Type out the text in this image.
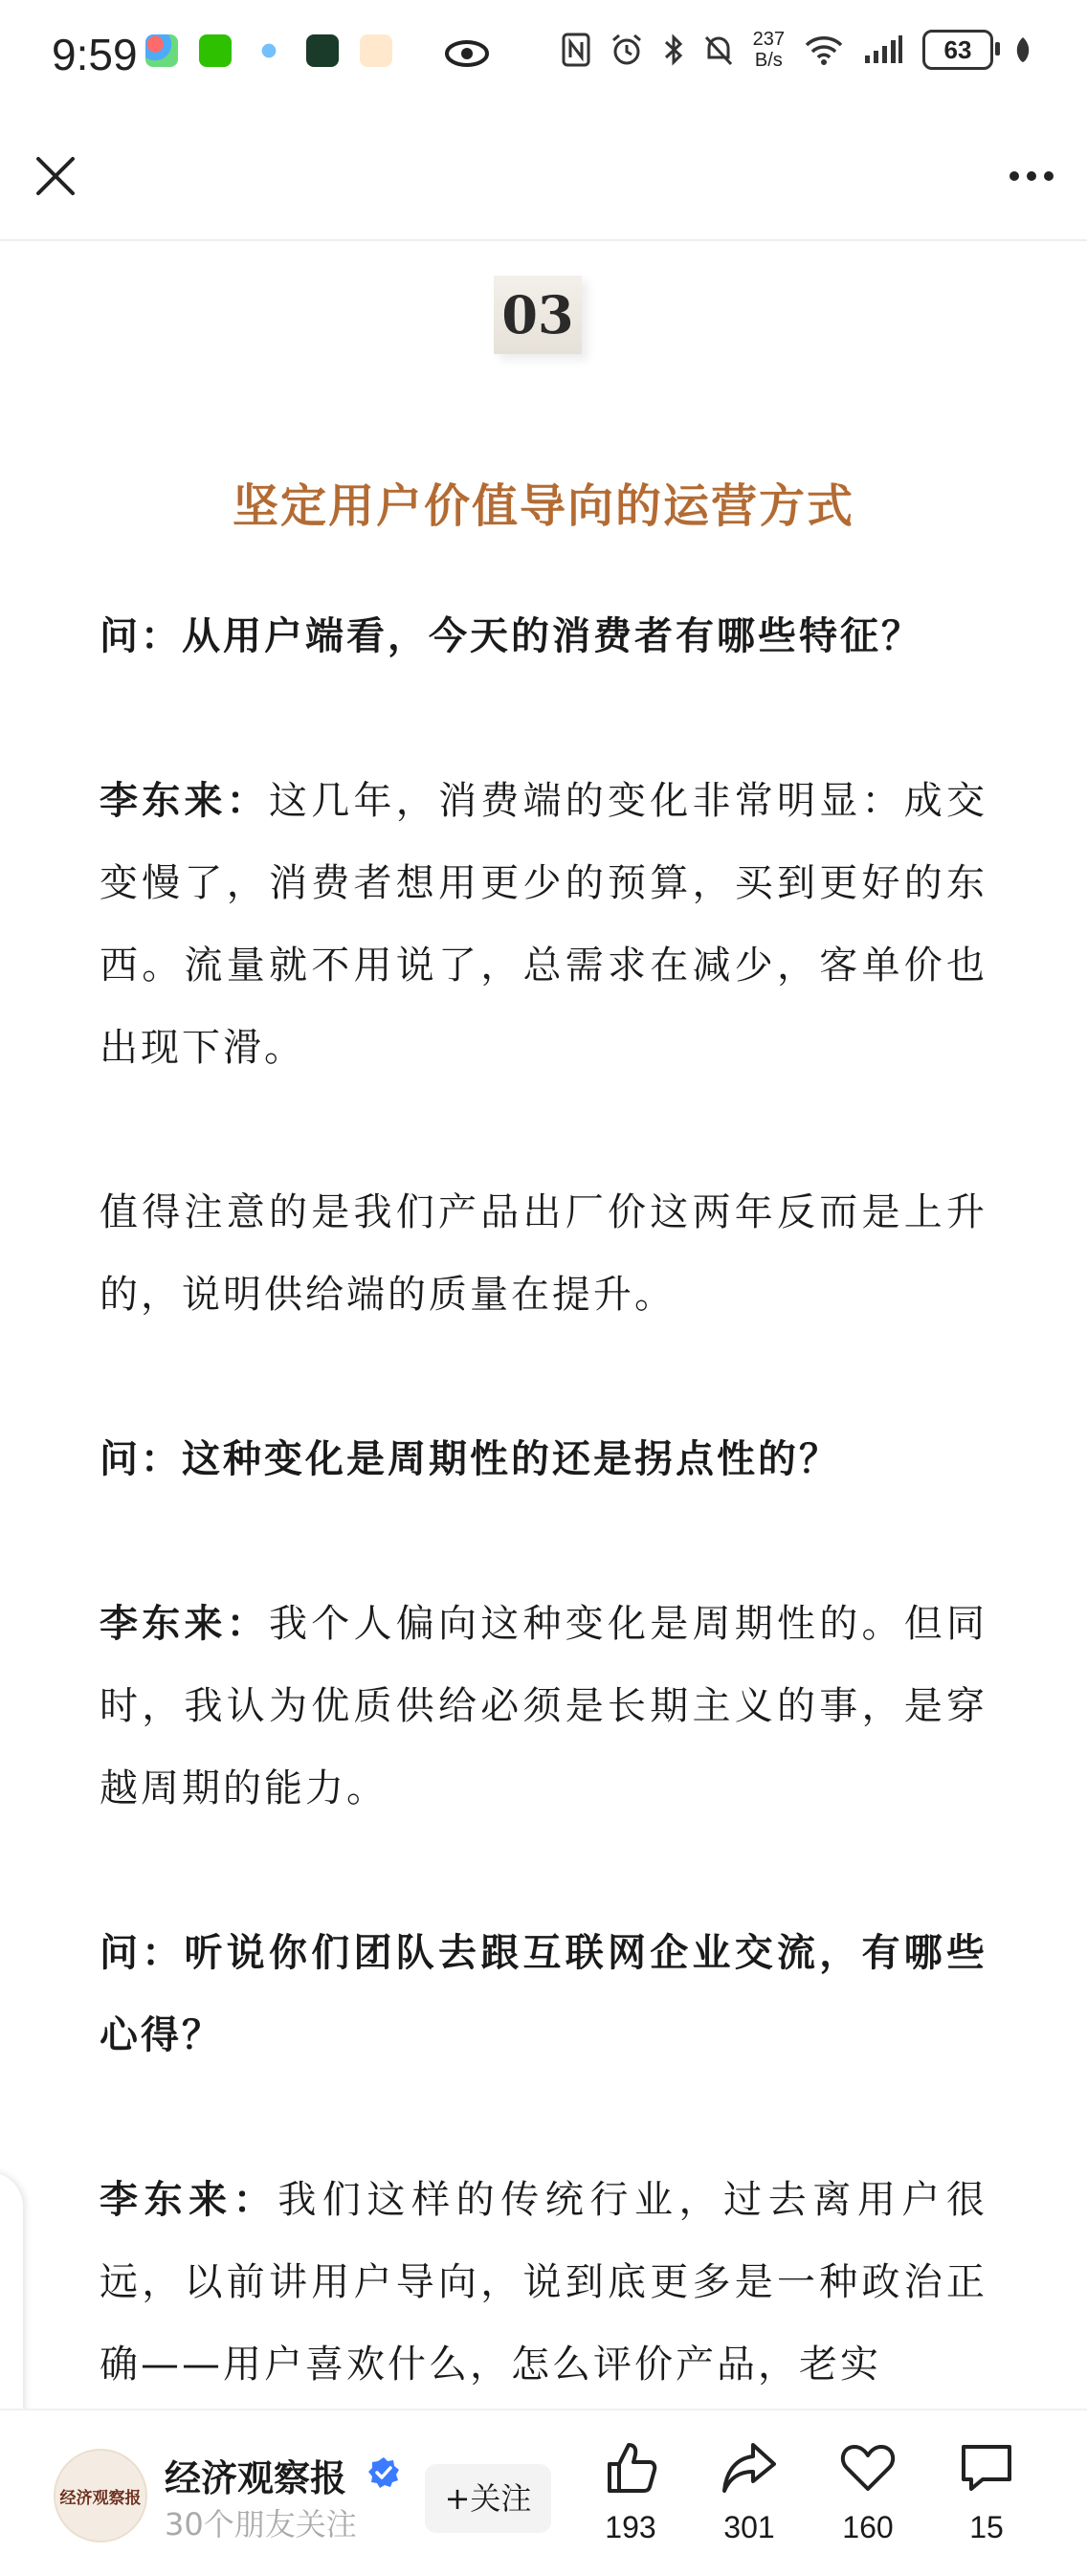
9:59	237
B/s	63
03
坚定用户价值导向的运营方式

问：从用户端看，今天的消费者有哪些特征？

李东来：这几年，消费端的变化非常明显：成交变慢了，消费者想用更少的预算，买到更好的东西。流量就不用说了，总需求在减少，客单价也出现下滑。

值得注意的是我们产品出厂价这两年反而是上升的，说明供给端的质量在提升。

问：这种变化是周期性的还是拐点性的？

李东来：我个人偏向这种变化是周期性的。但同时，我认为优质供给必须是长期主义的事，是穿越周期的能力。

问：听说你们团队去跟互联网企业交流，有哪些心得？

李东来：我们这样的传统行业，过去离用户很远，以前讲用户导向，说到底更多是一种政治正确——用户喜欢什么，怎么评价产品，老实

经济观察报 经济观察报
30个朋友关注
+关注
193	301	160	15
